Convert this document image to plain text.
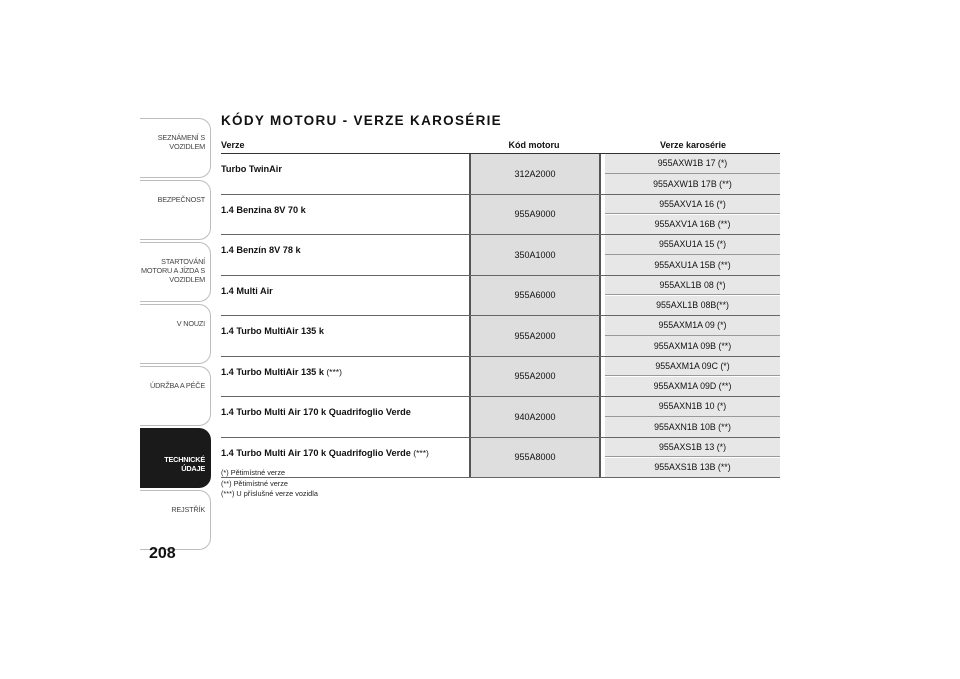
SEZNÁMENÍ S
VOZIDLEM
BEZPEČNOST
STARTOVÁNÍ
MOTORU A JÍZDA S
VOZIDLEM
V NOUZI
ÚDRŽBA A PÉČE
TECHNICKÉ ÚDAJE
REJSTŘÍK
208
KÓDY MOTORU - VERZE KAROSÉRIE
Verze	Kód motoru	Verze karosérie
Turbo TwinAir	312A2000
955AXW1B 17 (*)
955AXW1B 17B (**)
1.4 Benzina 8V 70 k	955A9000
955AXV1A 16 (*)
955AXV1A 16B (**)
1.4 Benzín 8V 78 k	350A1000
955AXU1A 15 (*)
955AXU1A 15B (**)
1.4 Multi Air	955A6000
955AXL1B 08 (*)
955AXL1B 08B(**)
1.4 Turbo MultiAir 135 k	955A2000
955AXM1A 09 (*)
955AXM1A 09B (**)
1.4 Turbo MultiAir 135 k (***)	955A2000
955AXM1A 09C (*)
955AXM1A 09D (**)
1.4 Turbo Multi Air 170 k Quadrifoglio Verde	940A2000
955AXN1B 10 (*)
955AXN1B 10B (**)
1.4 Turbo Multi Air 170 k Quadrifoglio Verde (***)	955A8000
955AXS1B 13 (*)
955AXS1B 13B (**)
(*) Pětimístné verze
(**) Pětimístné verze
(***) U příslušné verze vozidla
